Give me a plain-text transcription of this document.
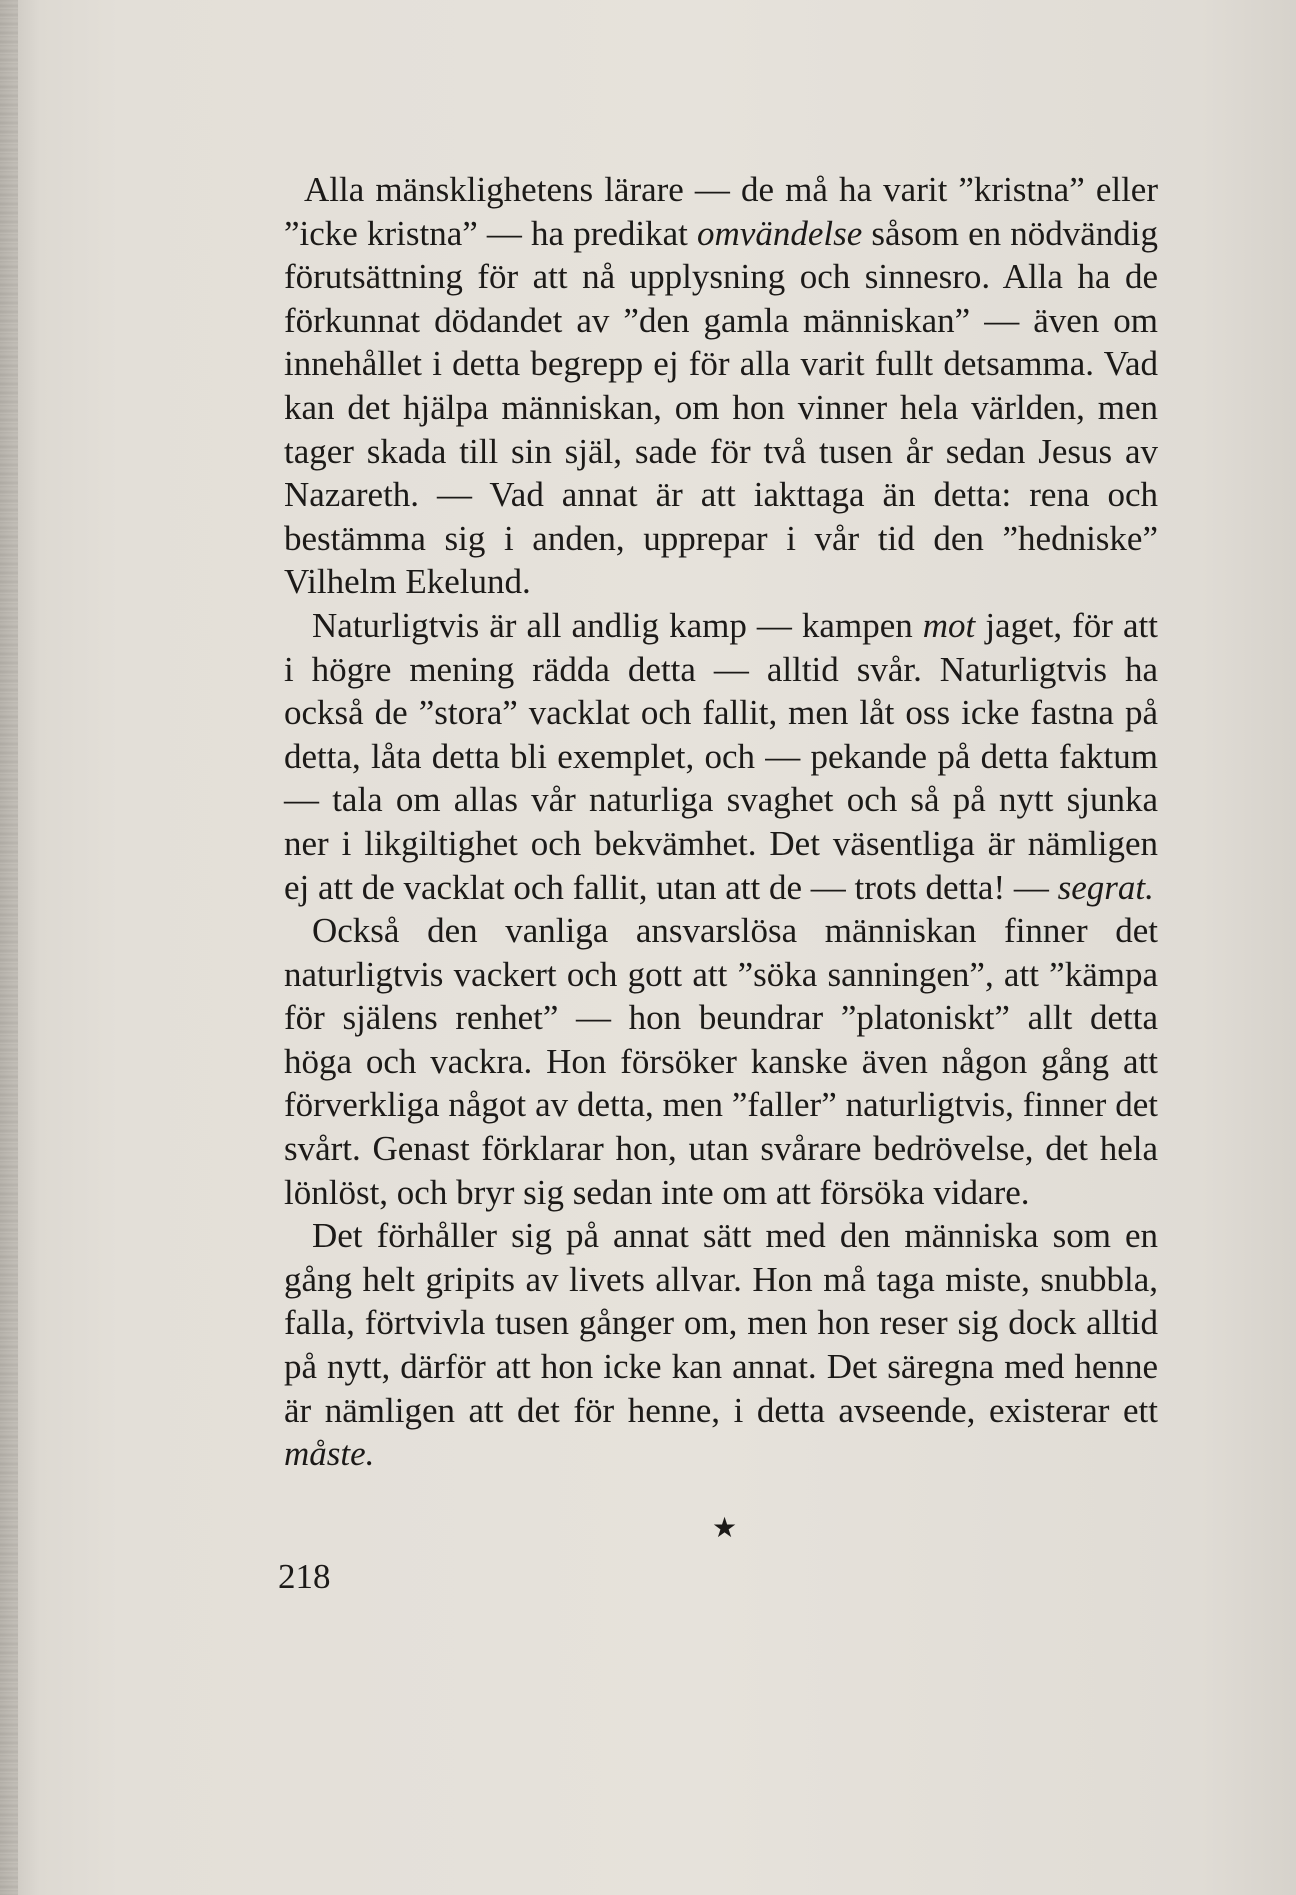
Alla mänsklighetens lärare — de må ha varit ”kristna” eller ”icke kristna” — ha predikat omvändelse såsom en nödvändig förutsättning för att nå upplysning och sinnesro. Alla ha de förkunnat dödandet av ”den gamla människan” — även om innehållet i detta begrepp ej för alla varit fullt detsamma. Vad kan det hjälpa människan, om hon vinner hela världen, men tager skada till sin själ, sade för två tusen år sedan Jesus av Nazareth. — Vad annat är att iakttaga än detta: rena och bestämma sig i anden, upprepar i vår tid den ”hedniske” Vilhelm Ekelund.

Naturligtvis är all andlig kamp — kampen mot jaget, för att i högre mening rädda detta — alltid svår. Naturligtvis ha också de ”stora” vacklat och fallit, men låt oss icke fastna på detta, låta detta bli exemplet, och — pekande på detta faktum — tala om allas vår naturliga svaghet och så på nytt sjunka ner i likgiltighet och bekvämhet. Det väsentliga är nämligen ej att de vacklat och fallit, utan att de — trots detta! — segrat.

Också den vanliga ansvarslösa människan finner det naturligtvis vackert och gott att ”söka sanningen”, att ”kämpa för själens renhet” — hon beundrar ”platoniskt” allt detta höga och vackra. Hon försöker kanske även någon gång att förverkliga något av detta, men ”faller” naturligtvis, finner det svårt. Genast förklarar hon, utan svårare bedrövelse, det hela lönlöst, och bryr sig sedan inte om att försöka vidare.

Det förhåller sig på annat sätt med den människa som en gång helt gripits av livets allvar. Hon må taga miste, snubbla, falla, förtvivla tusen gånger om, men hon reser sig dock alltid på nytt, därför att hon icke kan annat. Det säregna med henne är nämligen att det för henne, i detta avseende, existerar ett måste.

★
218
